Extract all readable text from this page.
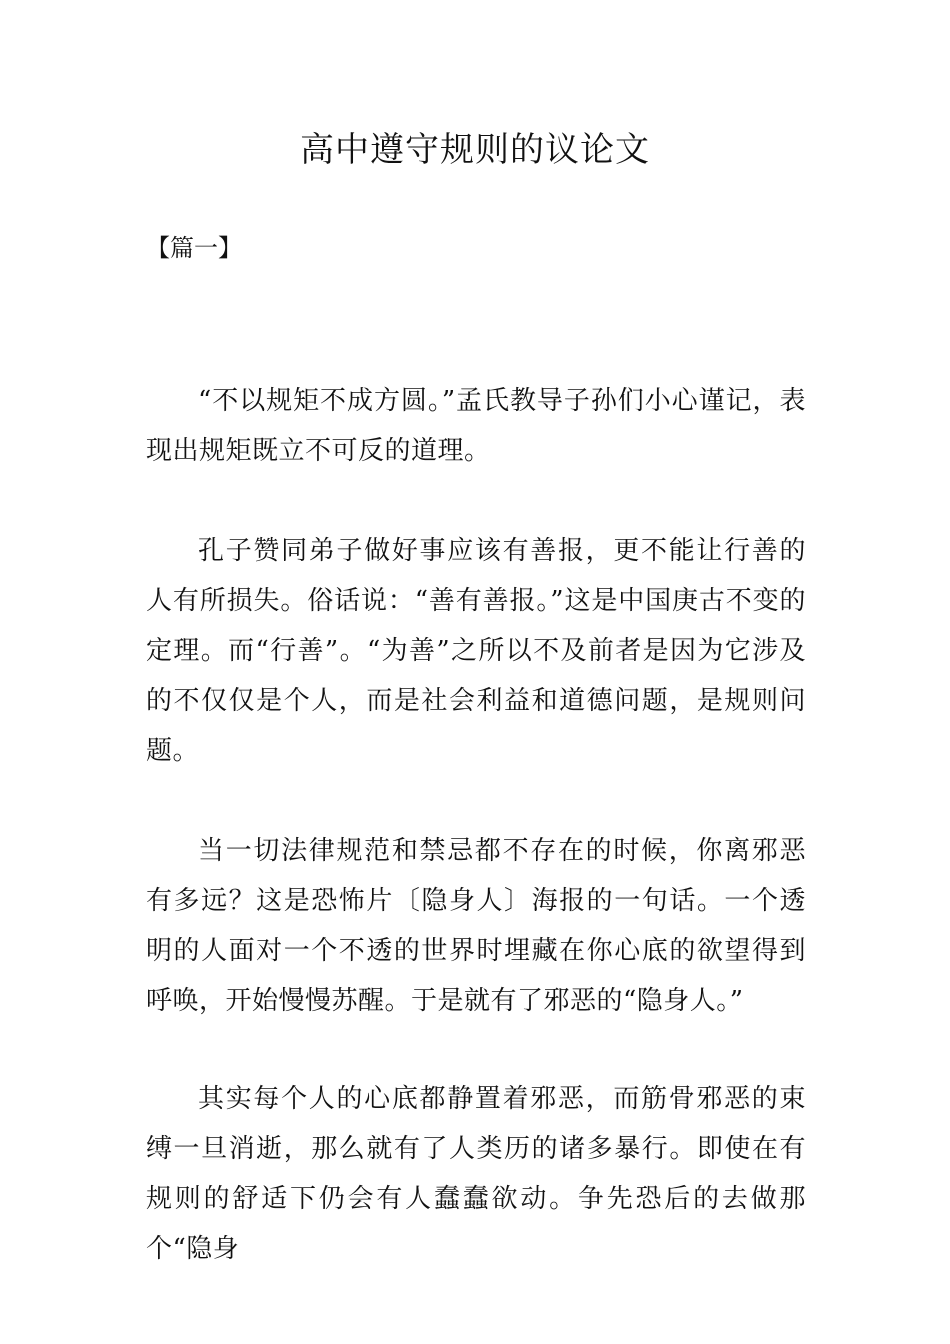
高中遵守规则的议论文
【篇一】

“不以规矩不成方圆。”孟氏教导子孙们小心谨记，表现出规矩既立不可反的道理。

孔子赞同弟子做好事应该有善报，更不能让行善的人有所损失。俗话说：“善有善报。”这是中国庚古不变的定理。而“行善”。“为善”之所以不及前者是因为它涉及的不仅仅是个人，而是社会利益和道德问题，是规则问题。

当一切法律规范和禁忌都不存在的时候，你离邪恶有多远？这是恐怖片〔隐身人〕海报的一句话。一个透明的人面对一个不透的世界时埋藏在你心底的欲望得到呼唤，开始慢慢苏醒。于是就有了邪恶的“隐身人。”

其实每个人的心底都静置着邪恶，而筋骨邪恶的束缚一旦消逝，那么就有了人类历的诸多暴行。即使在有规则的舒适下仍会有人蠢蠢欲动。争先恐后的去做那个“隐身
